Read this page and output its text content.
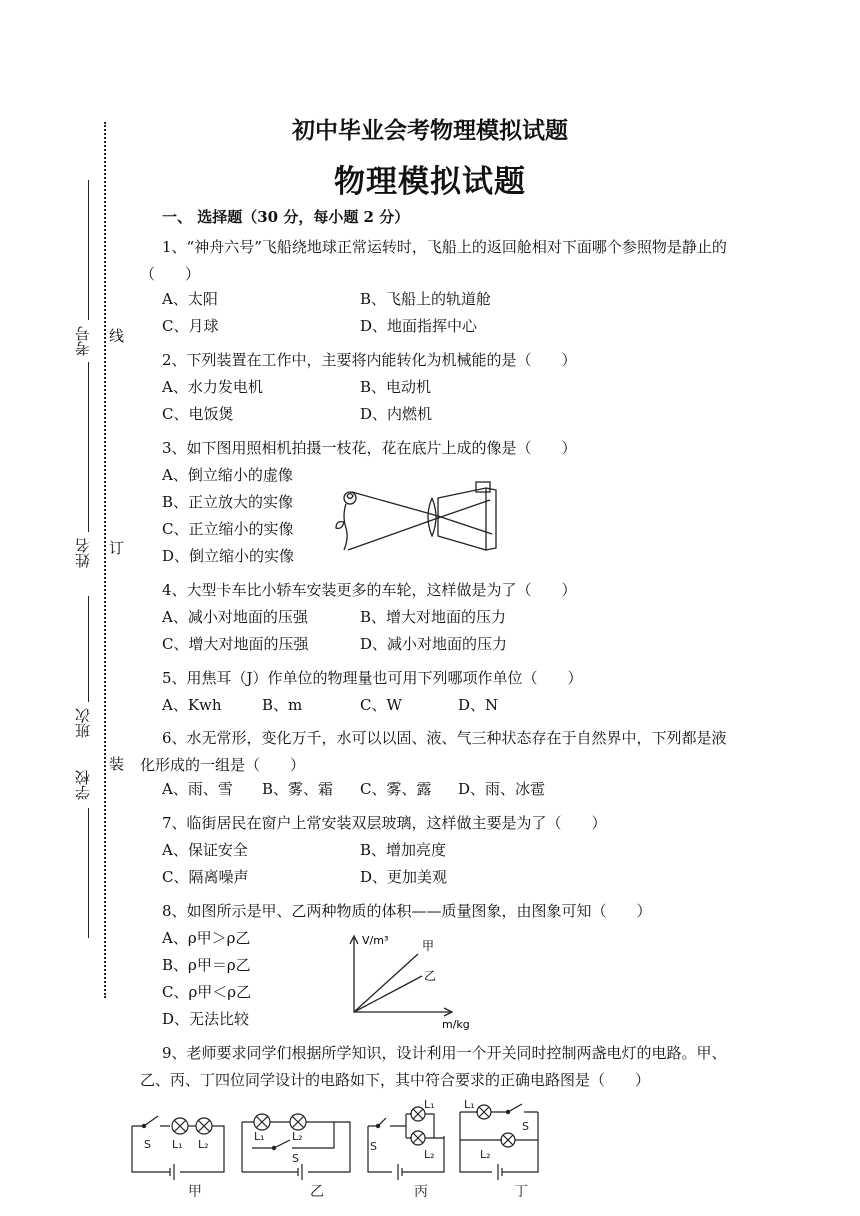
初中毕业会考物理模拟试题
物理模拟试题
考号
姓名
班次
学校
线
订
装
一、 选择题（30 分，每小题 2 分）
1、“神舟六号”飞船绕地球正常运转时，飞船上的返回舱相对下面哪个参照物是静止的（　　）
A、太阳	B、飞船上的轨道舱
C、月球	D、地面指挥中心
2、下列装置在工作中，主要将内能转化为机械能的是（　　）
A、水力发电机	B、电动机
C、电饭煲	D、内燃机
3、如下图用照相机拍摄一枝花，花在底片上成的像是（　　）
A、倒立缩小的虚像
B、正立放大的实像
C、正立缩小的实像
D、倒立缩小的实像
4、大型卡车比小轿车安装更多的车轮，这样做是为了（　　）
A、减小对地面的压强	B、增大对地面的压力
C、增大对地面的压强	D、减小对地面的压力
5、用焦耳（J）作单位的物理量也可用下列哪项作单位（　　）
A、Kwh	B、m	C、W	D、N
6、水无常形，变化万千，水可以以固、液、气三种状态存在于自然界中，下列都是液化形成的一组是（　　）
A、雨、雪 B、雾、霜 C、雾、露 D、雨、冰雹
7、临街居民在窗户上常安装双层玻璃，这样做主要是为了（　　）
A、保证安全	B、增加亮度
C、隔离噪声	D、更加美观
8、如图所示是甲、乙两种物质的体积——质量图象，由图象可知（　　）
A、ρ甲＞ρ乙
B、ρ甲＝ρ乙
C、ρ甲＜ρ乙
D、无法比较
V/m³	甲
乙
m/kg
9、老师要求同学们根据所学知识，设计利用一个开关同时控制两盏电灯的电路。甲、乙、丙、丁四位同学设计的电路如下，其中符合要求的正确电路图是（　　）
S L₁ L₂
L₁ L₂
S
S
L₁
L₂
L₁
L₂
S
甲	乙	丙	丁
